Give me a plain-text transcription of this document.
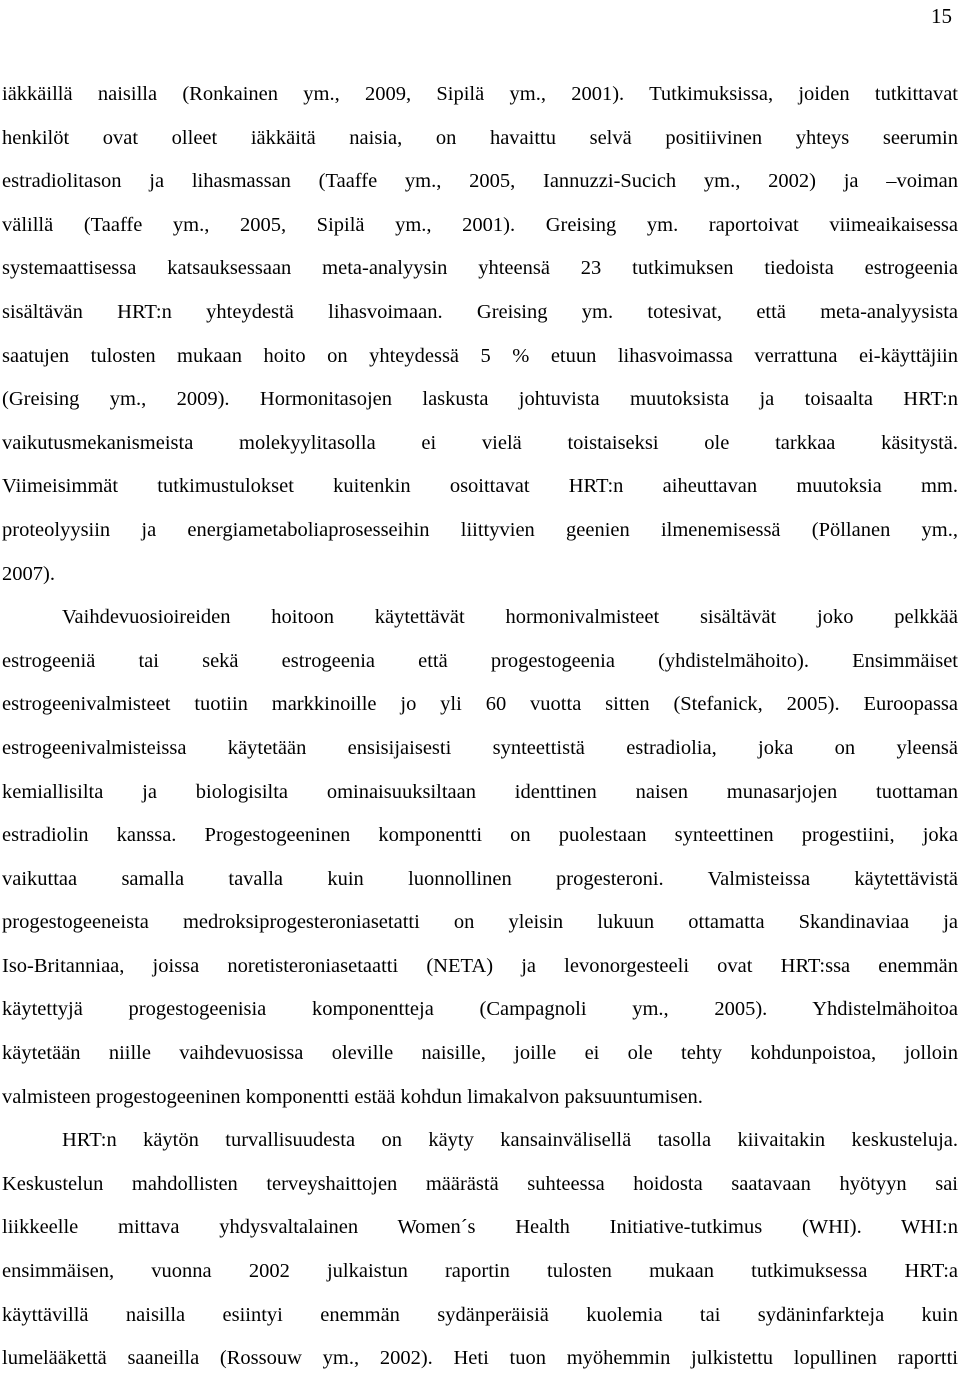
15
iäkkäillä naisilla (Ronkainen ym., 2009, Sipilä ym., 2001). Tutkimuksissa, joiden tutkittavat
henkilöt ovat olleet iäkkäitä naisia, on havaittu selvä positiivinen yhteys seerumin
estradiolitason ja lihasmassan (Taaffe ym., 2005, Iannuzzi-Sucich ym., 2002) ja –voiman
välillä (Taaffe ym., 2005, Sipilä ym., 2001). Greising ym. raportoivat viimeaikaisessa
systemaattisessa katsauksessaan meta-analyysin yhteensä 23 tutkimuksen tiedoista estrogeenia
sisältävän HRT:n yhteydestä lihasvoimaan. Greising ym. totesivat, että meta-analyysista
saatujen tulosten mukaan hoito on yhteydessä 5 % etuun lihasvoimassa verrattuna ei-käyttäjiin
(Greising ym., 2009). Hormonitasojen laskusta johtuvista muutoksista ja toisaalta HRT:n
vaikutusmekanismeista molekyylitasolla ei vielä toistaiseksi ole tarkkaa käsitystä.
Viimeisimmät tutkimustulokset kuitenkin osoittavat HRT:n aiheuttavan muutoksia mm.
proteolyysiin ja energiametaboliaprosesseihin liittyvien geenien ilmenemisessä (Pöllanen ym.,
2007).
Vaihdevuosioireiden hoitoon käytettävät hormonivalmisteet sisältävät joko pelkkää
estrogeeniä tai sekä estrogeenia että progestogeenia (yhdistelmähoito). Ensimmäiset
estrogeenivalmisteet tuotiin markkinoille jo yli 60 vuotta sitten (Stefanick, 2005). Euroopassa
estrogeenivalmisteissa käytetään ensisijaisesti synteettistä estradiolia, joka on yleensä
kemiallisilta ja biologisilta ominaisuuksiltaan identtinen naisen munasarjojen tuottaman
estradiolin kanssa. Progestogeeninen komponentti on puolestaan synteettinen progestiini, joka
vaikuttaa samalla tavalla kuin luonnollinen progesteroni. Valmisteissa käytettävistä
progestogeeneista medroksiprogesteroniasetatti on yleisin lukuun ottamatta Skandinaviaa ja
Iso-Britanniaa, joissa noretisteroniasetaatti (NETA) ja levonorgesteeli ovat HRT:ssa enemmän
käytettyjä progestogeenisia komponentteja (Campagnoli ym., 2005). Yhdistelmähoitoa
käytetään niille vaihdevuosissa oleville naisille, joille ei ole tehty kohdunpoistoa, jolloin
valmisteen progestogeeninen komponentti estää kohdun limakalvon paksuuntumisen.
HRT:n käytön turvallisuudesta on käyty kansainvälisellä tasolla kiivaitakin keskusteluja.
Keskustelun mahdollisten terveyshaittojen määrästä suhteessa hoidosta saatavaan hyötyyn sai
liikkeelle mittava yhdysvaltalainen Women´s Health Initiative-tutkimus (WHI). WHI:n
ensimmäisen, vuonna 2002 julkaistun raportin tulosten mukaan tutkimuksessa HRT:a
käyttävillä naisilla esiintyi enemmän sydänperäisiä kuolemia tai sydäninfarkteja kuin
lumelääkettä saaneilla (Rossouw ym., 2002). Heti tuon myöhemmin julkistettu lopullinen raportti
